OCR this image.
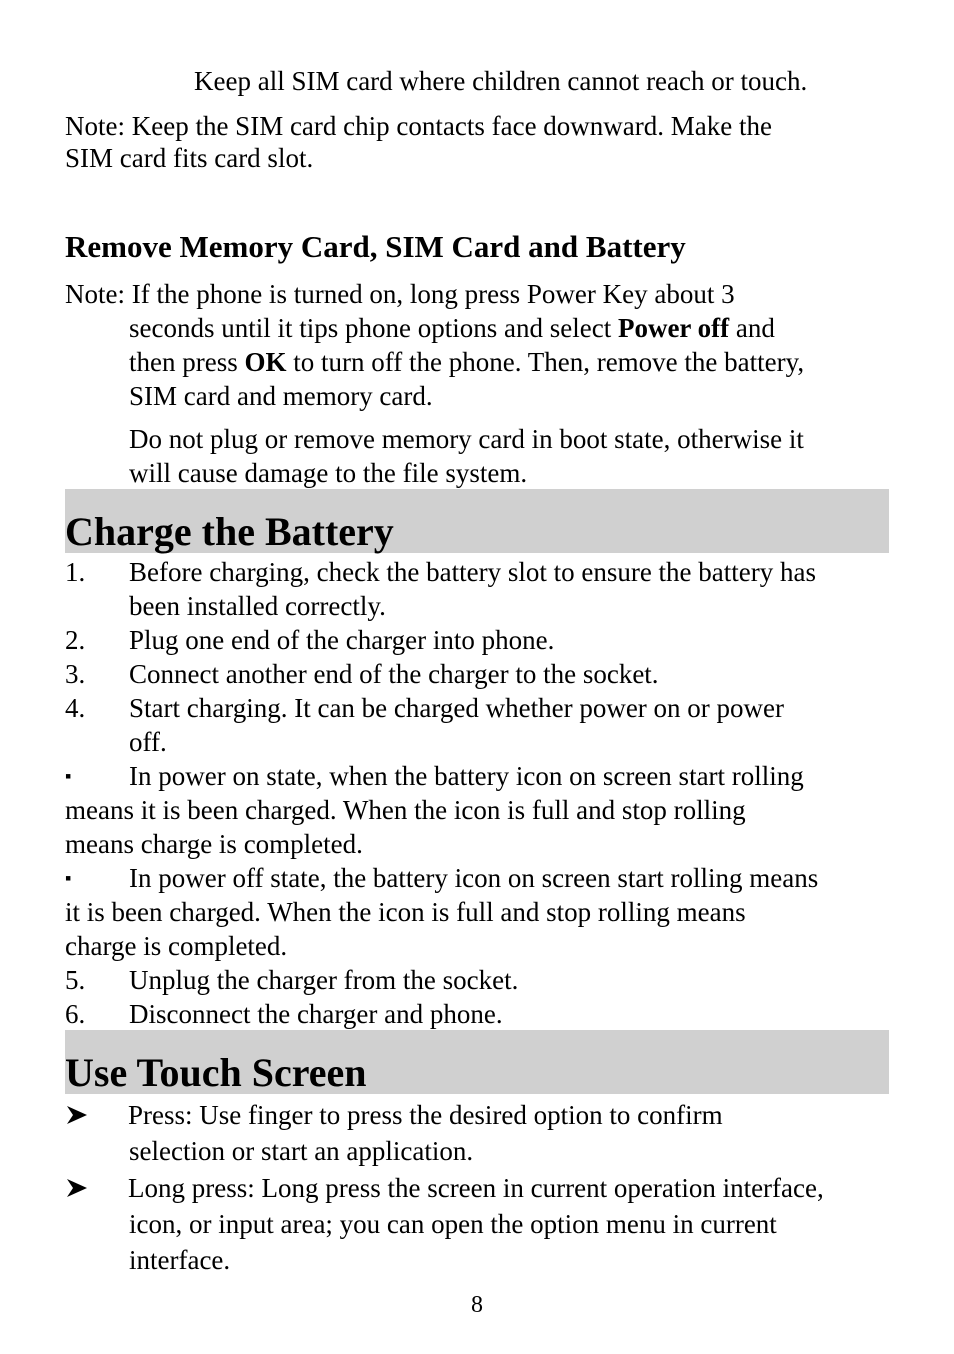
Keep all SIM card where children cannot reach or touch.
Note: Keep the SIM card chip contacts face downward. Make the
SIM card fits card slot.
Remove Memory Card, SIM Card and Battery
Note: If the phone is turned on, long press Power Key about 3
seconds until it tips phone options and select Power off and
then press OK to turn off the phone. Then, remove the battery,
SIM card and memory card.
Do not plug or remove memory card in boot state, otherwise it
will cause damage to the file system.
Charge the Battery
1. Before charging, check the battery slot to ensure the battery has
been installed correctly.
2. Plug one end of the charger into phone.
3. Connect another end of the charger to the socket.
4. Start charging. It can be charged whether power on or power
off.
▪ In power on state, when the battery icon on screen start rolling
means it is been charged. When the icon is full and stop rolling
means charge is completed.
▪ In power off state, the battery icon on screen start rolling means
it is been charged. When the icon is full and stop rolling means
charge is completed.
5. Unplug the charger from the socket.
6. Disconnect the charger and phone.
Use Touch Screen
Press: Use finger to press the desired option to confirm
selection or start an application.
Long press: Long press the screen in current operation interface,
icon, or input area; you can open the option menu in current
interface.
8
